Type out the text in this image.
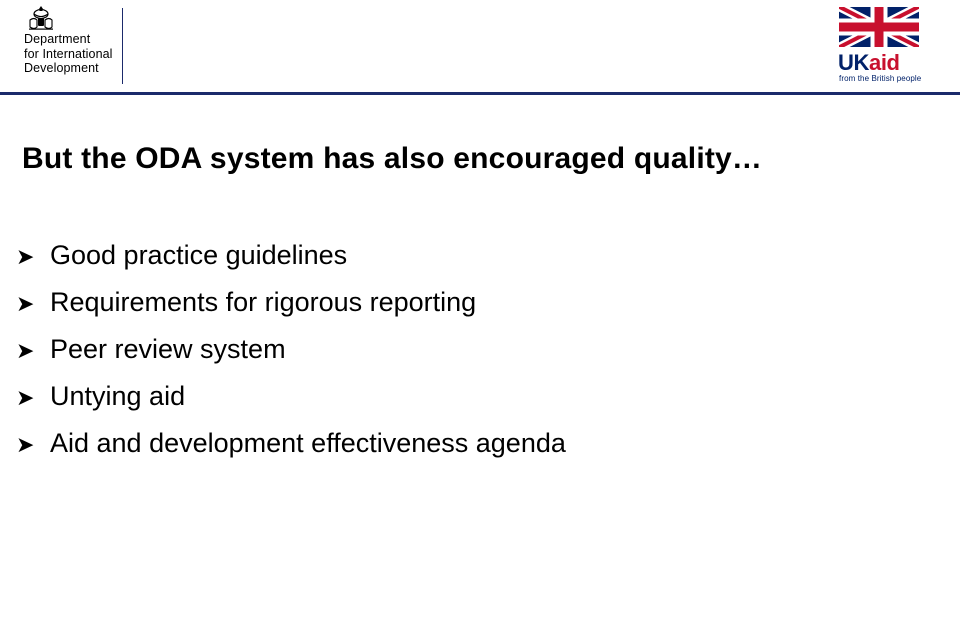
Department
for International
Development	UKaid
from the British people
But the ODA system has also encouraged quality…
➤ Good practice guidelines
➤ Requirements for rigorous reporting
➤ Peer review system
➤ Untying aid
➤ Aid and development effectiveness agenda
